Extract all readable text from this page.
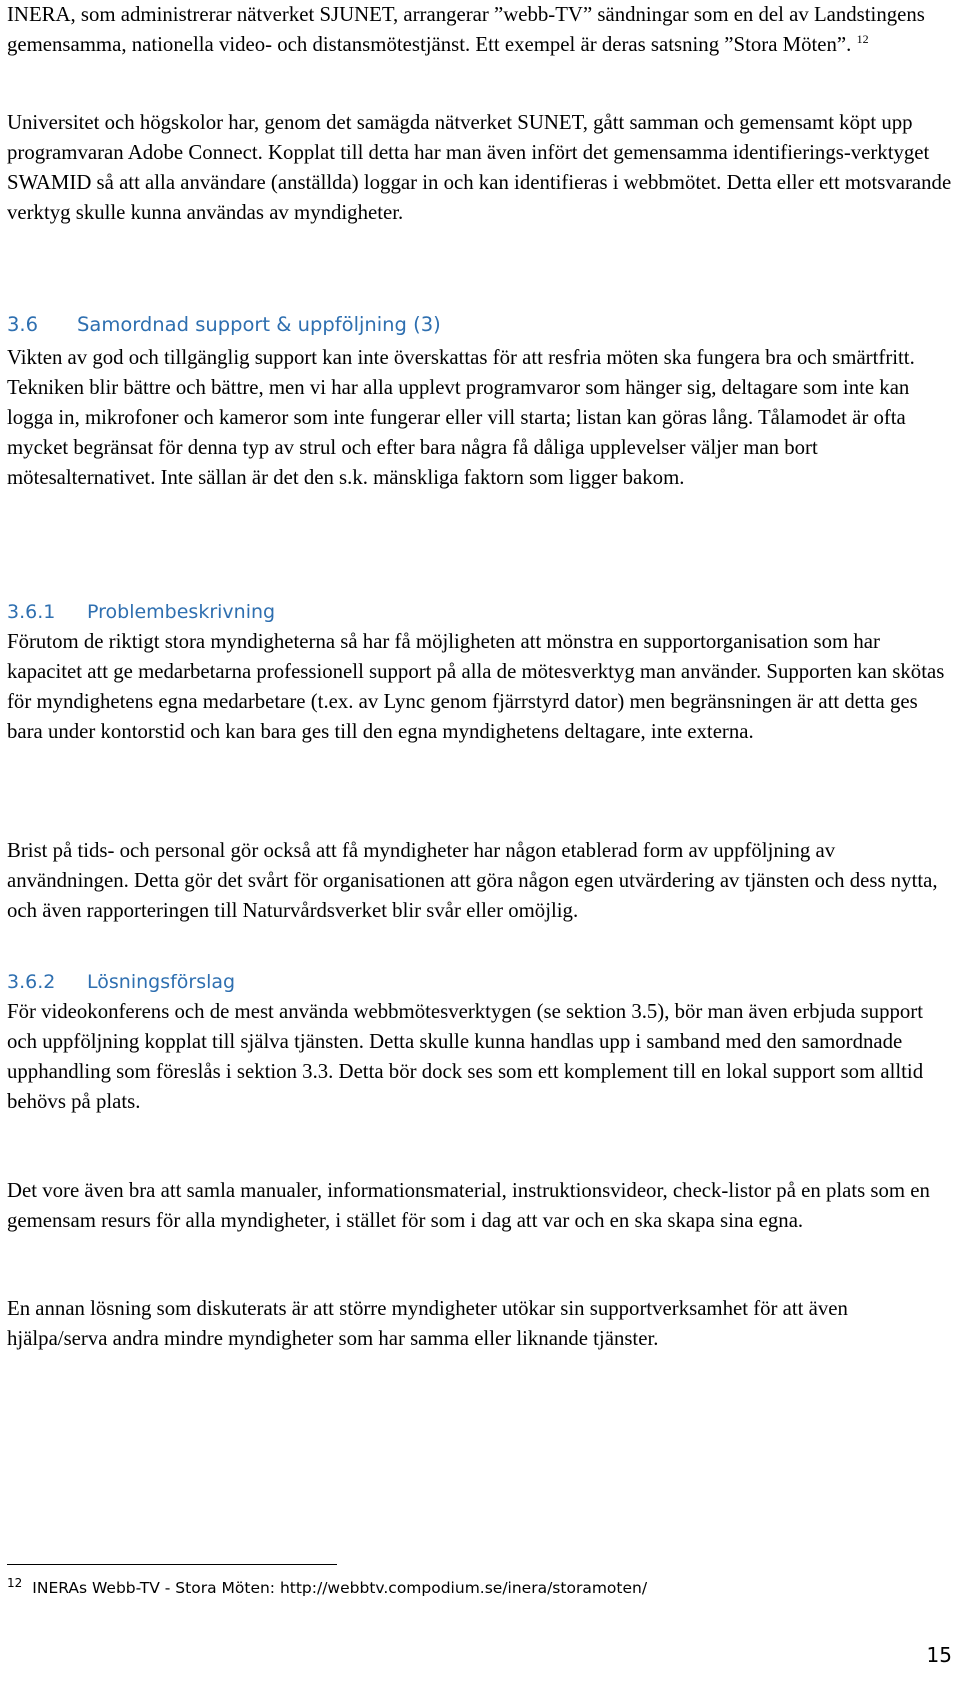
INERA, som administrerar nätverket SJUNET, arrangerar ”webb-TV” sändningar som en del av Landstingens gemensamma, nationella video- och distansmötestjänst. Ett exempel är deras satsning ”Stora Möten”. $^{12}$

Universitet och högskolor har, genom det samägda nätverket SUNET, gått samman och gemensamt köpt upp programvaran Adobe Connect. Kopplat till detta har man även infört det gemensamma identifierings-verktyget SWAMID så att alla användare (anställda) loggar in och kan identifieras i webbmötet. Detta eller ett motsvarande verktyg skulle kunna användas av myndigheter.

3.6 Samordnad support & uppföljning (3)

Vikten av god och tillgänglig support kan inte överskattas för att resfria möten ska fungera bra och smärtfritt. Tekniken blir bättre och bättre, men vi har alla upplevt programvaror som hänger sig, deltagare som inte kan logga in, mikrofoner och kameror som inte fungerar eller vill starta; listan kan göras lång. Tålamodet är ofta mycket begränsat för denna typ av strul och efter bara några få dåliga upplevelser väljer man bort mötesalternativet. Inte sällan är det den s.k. mänskliga faktorn som ligger bakom.

3.6.1 Problembeskrivning

Förutom de riktigt stora myndigheterna så har få möjligheten att mönstra en supportorganisation som har kapacitet att ge medarbetarna professionell support på alla de mötesverktyg man använder. Supporten kan skötas för myndighetens egna medarbetare (t.ex. av Lync genom fjärrstyrd dator) men begränsningen är att detta ges bara under kontorstid och kan bara ges till den egna myndighetens deltagare, inte externa.

Brist på tids- och personal gör också att få myndigheter har någon etablerad form av uppföljning av användningen. Detta gör det svårt för organisationen att göra någon egen utvärdering av tjänsten och dess nytta, och även rapporteringen till Naturvårdsverket blir svår eller omöjlig.

3.6.2 Lösningsförslag

För videokonferens och de mest använda webbmötesverktygen (se sektion 3.5), bör man även erbjuda support och uppföljning kopplat till själva tjänsten. Detta skulle kunna handlas upp i samband med den samordnade upphandling som föreslås i sektion 3.3. Detta bör dock ses som ett komplement till en lokal support som alltid behövs på plats.

Det vore även bra att samla manualer, informationsmaterial, instruktionsvideor, check-listor på en plats som en gemensam resurs för alla myndigheter, i stället för som i dag att var och en ska skapa sina egna.

En annan lösning som diskuterats är att större myndigheter utökar sin supportverksamhet för att även hjälpa/serva andra mindre myndigheter som har samma eller liknande tjänster.

$^{12}$ INERAs Webb-TV - Stora Möten: http://webbtv.compodium.se/inera/storamoten/
15
